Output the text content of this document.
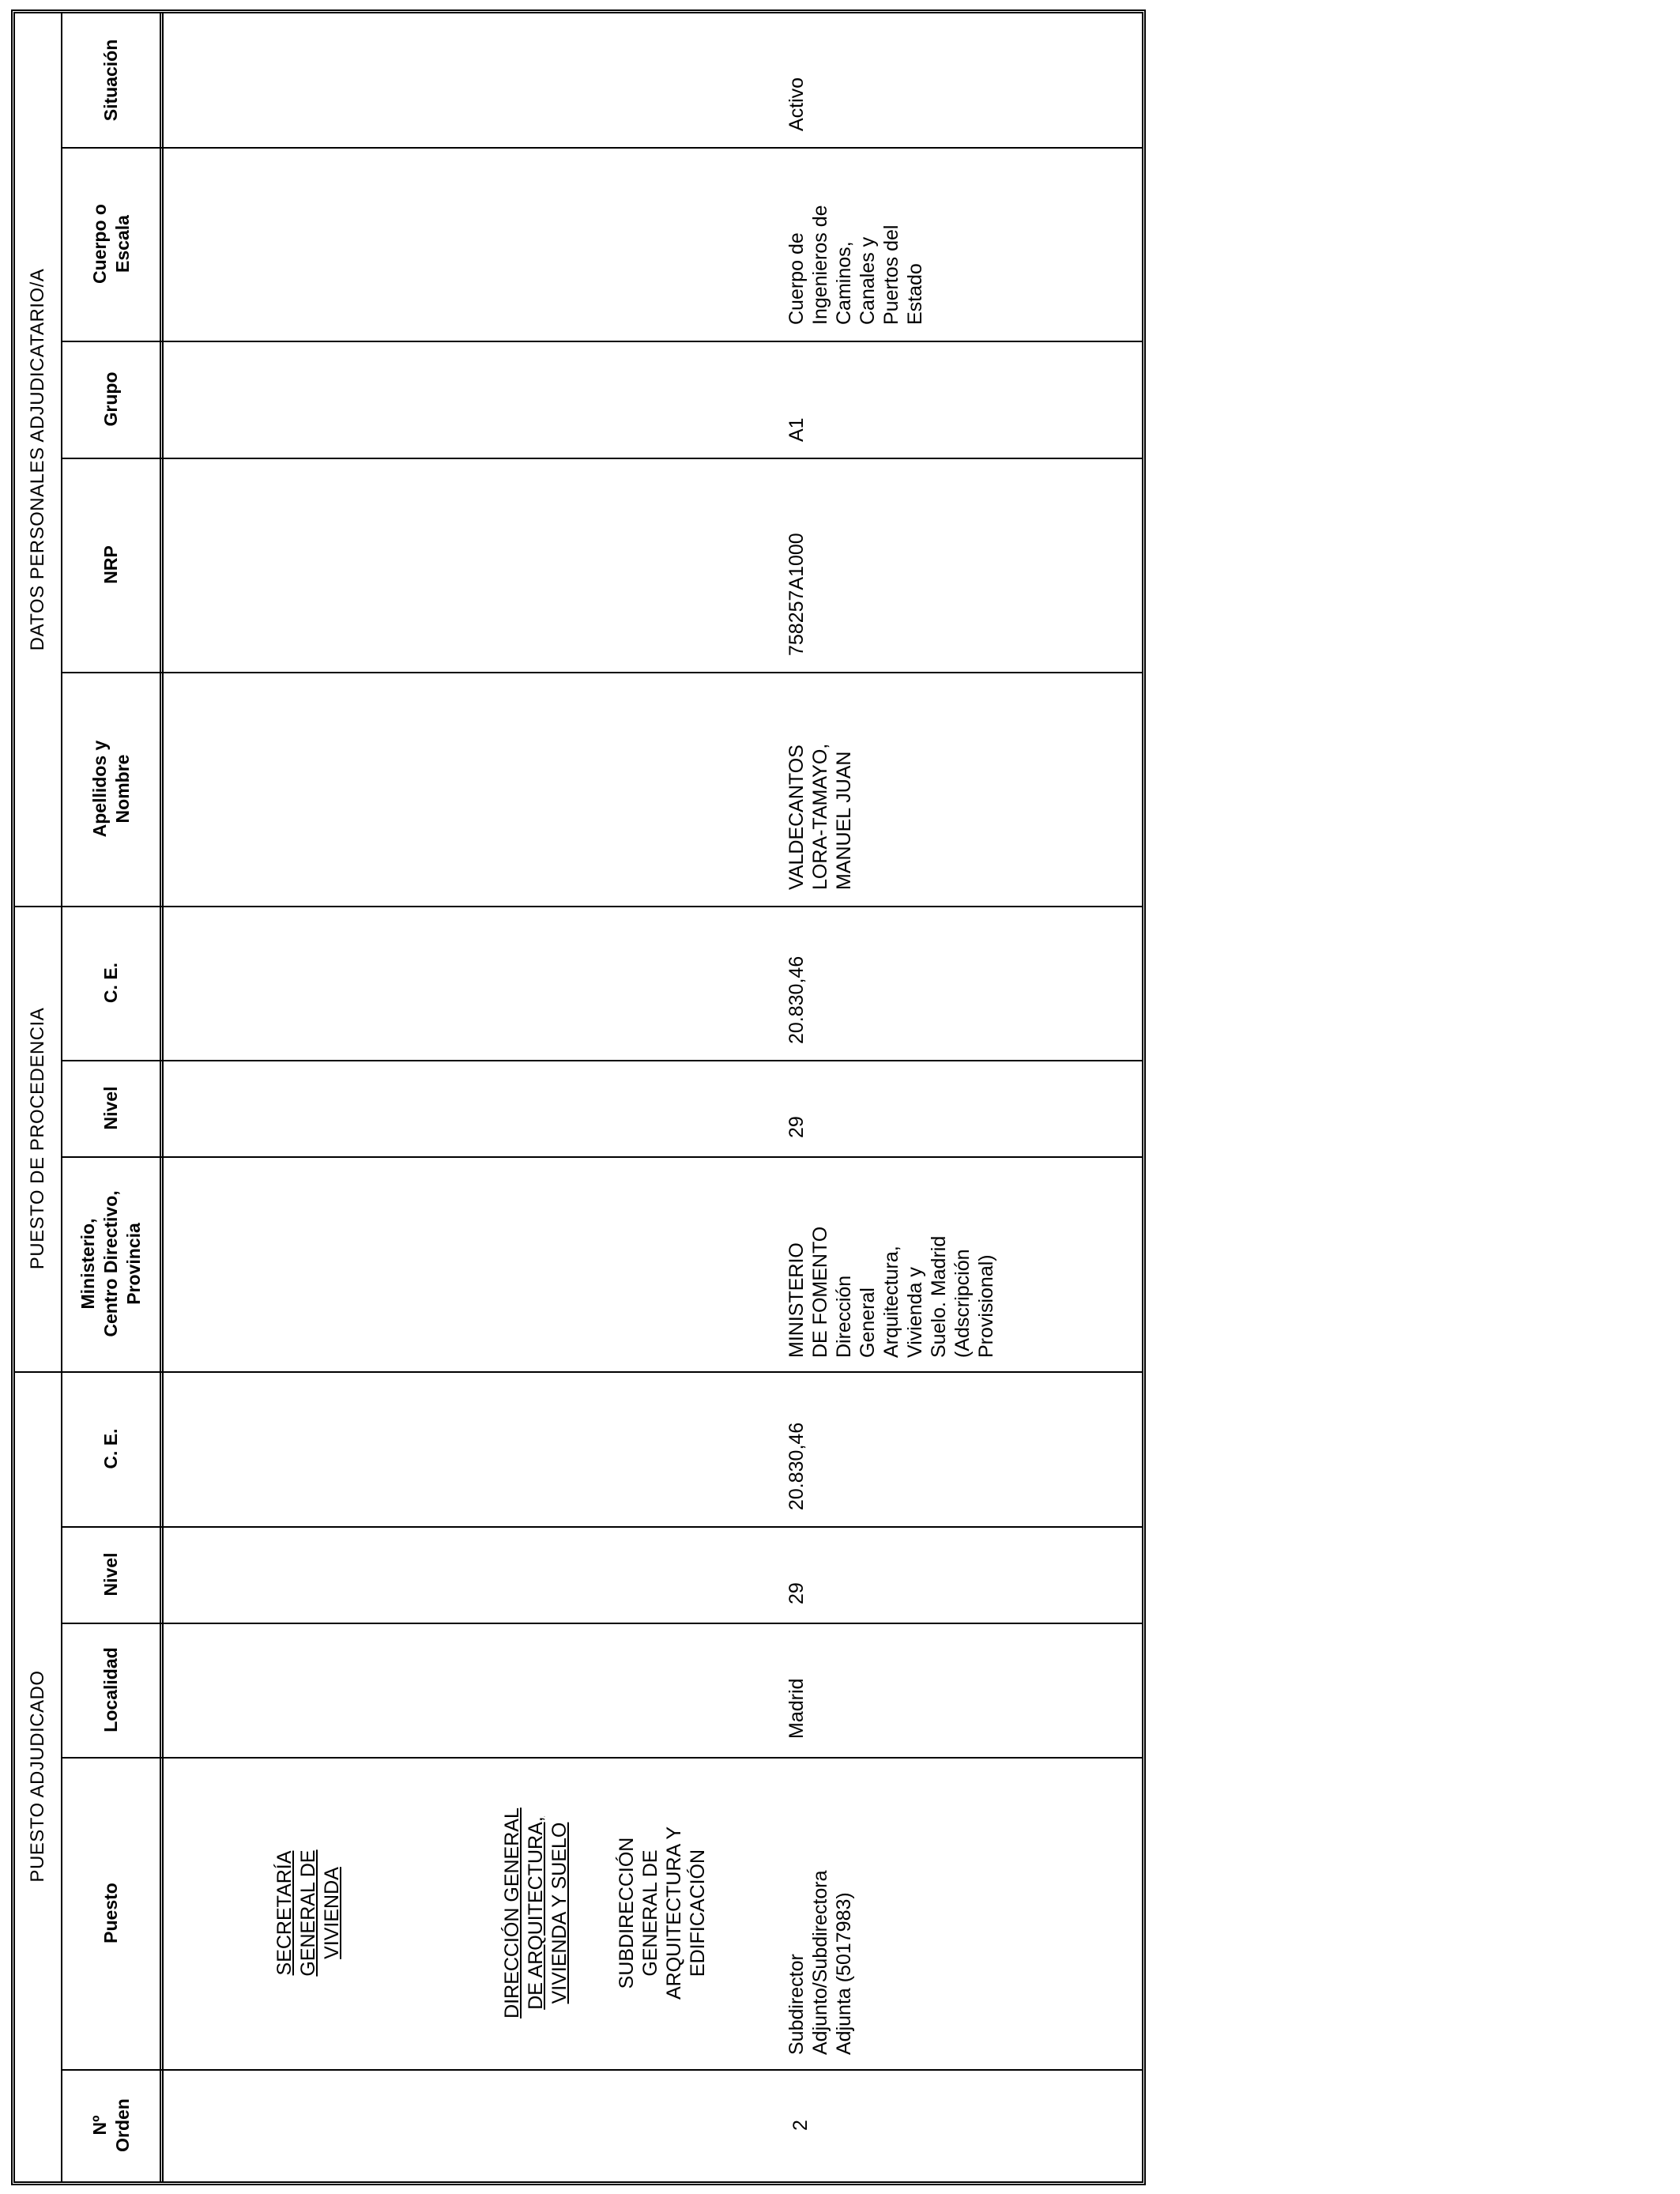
DATOS PERSONALES ADJUDICATARIO/A
PUESTO DE PROCEDENCIA
PUESTO ADJUDICADO
Nº
Orden
Puesto
Localidad
Nivel
C. E.
Ministerio,
Centro Directivo,
Provincia
Nivel
C. E.
Apellidos y
Nombre
NRP
Grupo
Cuerpo o
Escala
Situación
SECRETARÍA
GENERAL DE
VIVIENDA	DIRECCIÓN GENERAL
DE ARQUITECTURA,
VIVIENDA Y SUELO SUBDIRECCIÓN
GENERAL DE
ARQUITECTURA Y
EDIFICACIÓN
2
Subdirector
Adjunto/Subdirectora
Adjunta (5017983)
Madrid
29
20.830,46
MINISTERIO
DE FOMENTO
Dirección
General
Arquitectura,
Vivienda y
Suelo. Madrid
(Adscripción
Provisional)
29
20.830,46
VALDECANTOS
LORA-TAMAYO,
MANUEL JUAN
758257A1000
A1
Cuerpo de
Ingenieros de
Caminos,
Canales y
Puertos del
Estado
Activo
